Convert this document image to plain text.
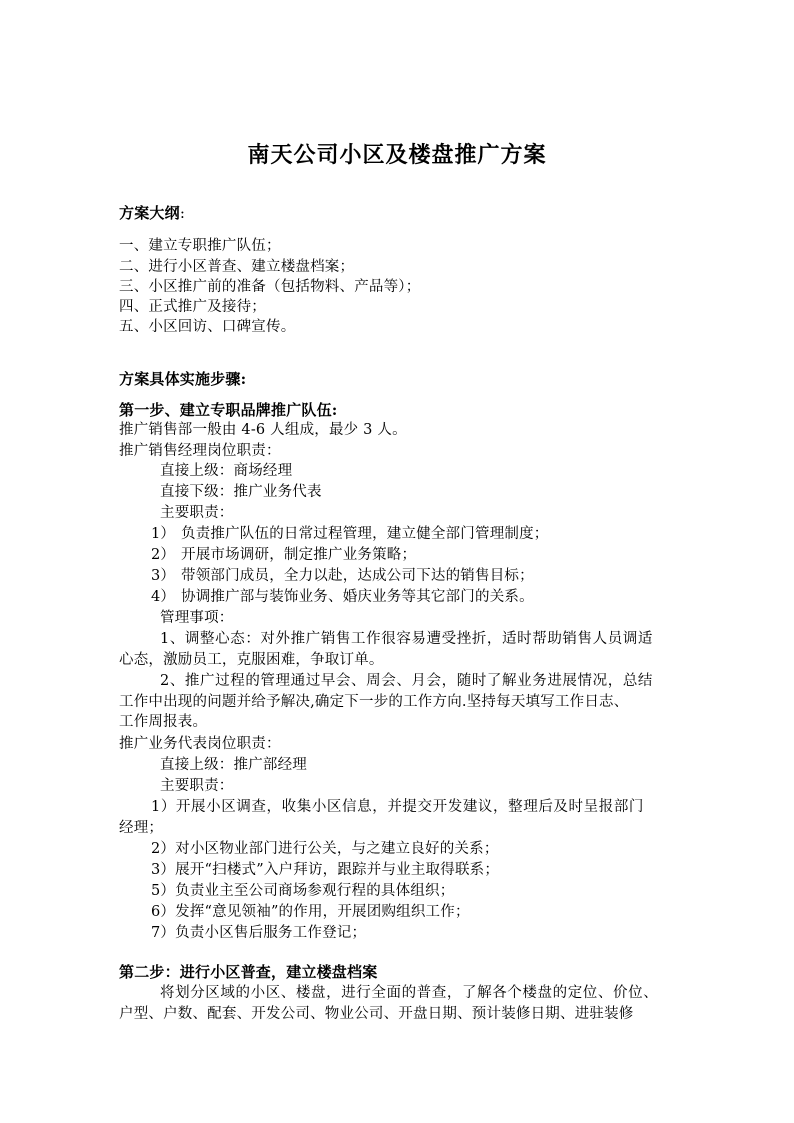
南天公司小区及楼盘推广方案
方案大纲:
一、建立专职推广队伍；
二、进行小区普查、建立楼盘档案；
三、小区推广前的准备（包括物料、产品等）；
四、正式推广及接待；
五、小区回访、口碑宣传。
方案具体实施步骤:
第一步、建立专职品牌推广队伍:
推广销售部一般由 4-6 人组成，最少 3 人。
推广销售经理岗位职责：
直接上级：商场经理
直接下级：推广业务代表
主要职责：
1） 负责推广队伍的日常过程管理，建立健全部门管理制度；
2） 开展市场调研，制定推广业务策略；
3） 带领部门成员，全力以赴，达成公司下达的销售目标；
4） 协调推广部与装饰业务、婚庆业务等其它部门的关系。
管理事项：
1、调整心态：对外推广销售工作很容易遭受挫折，适时帮助销售人员调适
心态，激励员工，克服困难，争取订单。
2、推广过程的管理通过早会、周会、月会，随时了解业务进展情况，总结
工作中出现的问题并给予解决,确定下一步的工作方向.坚持每天填写工作日志、
工作周报表。
推广业务代表岗位职责：
直接上级：推广部经理
主要职责：
1）开展小区调查，收集小区信息，并提交开发建议，整理后及时呈报部门
经理；
2）对小区物业部门进行公关，与之建立良好的关系；
3）展开“扫楼式”入户拜访，跟踪并与业主取得联系；
5）负责业主至公司商场参观行程的具体组织；
6）发挥“意见领袖”的作用，开展团购组织工作；
7）负责小区售后服务工作登记；
第二步：进行小区普查，建立楼盘档案
将划分区域的小区、楼盘，进行全面的普查，了解各个楼盘的定位、价位、
户型、户数、配套、开发公司、物业公司、开盘日期、预计装修日期、进驻装修
